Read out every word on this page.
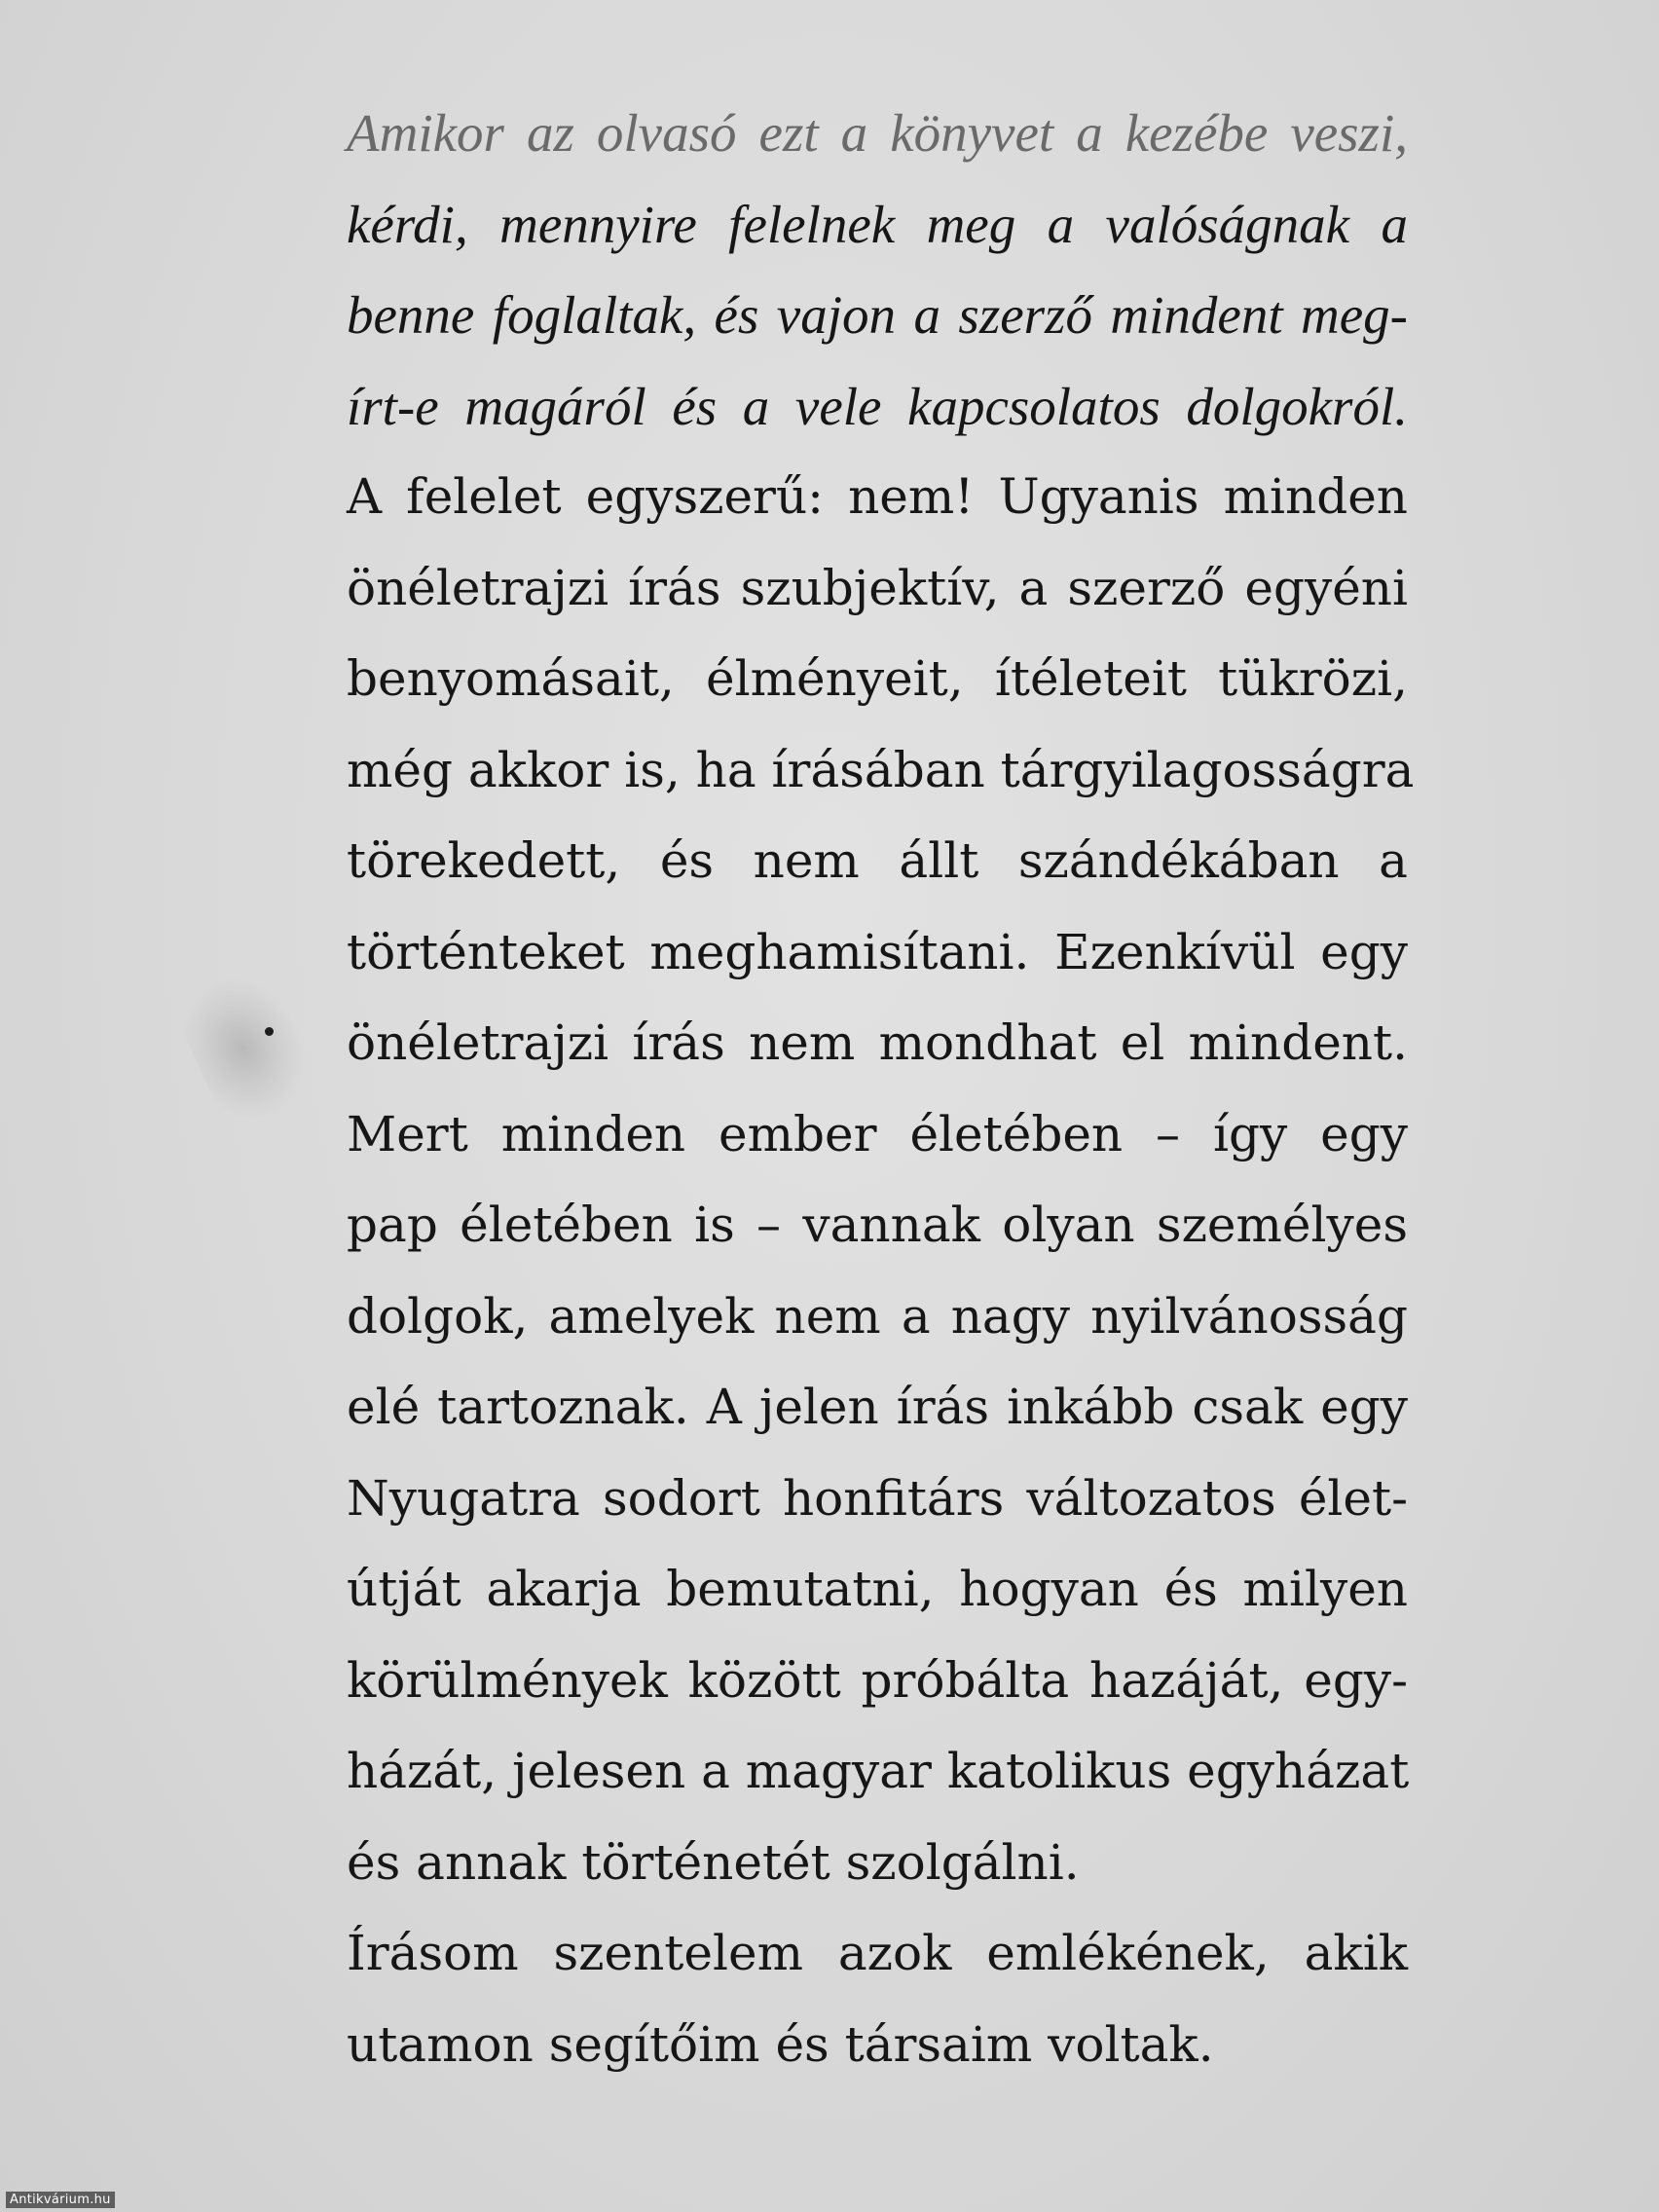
Amikor az olvasó ezt a könyvet a kezébe veszi,
kérdi, mennyire felelnek meg a valóságnak a
benne foglaltak, és vajon a szerző mindent meg-
írt-e magáról és a vele kapcsolatos dolgokról.
A felelet egyszerű: nem! Ugyanis minden
önéletrajzi írás szubjektív, a szerző egyéni
benyomásait, élményeit, ítéleteit tükrözi,
még akkor is, ha írásában tárgyilagosságra
törekedett, és nem állt szándékában a
történteket meghamisítani. Ezenkívül egy
önéletrajzi írás nem mondhat el mindent.
Mert minden ember életében – így egy
pap életében is – vannak olyan személyes
dolgok, amelyek nem a nagy nyilvánosság
elé tartoznak. A jelen írás inkább csak egy
Nyugatra sodort honfitárs változatos élet-
útját akarja bemutatni, hogyan és milyen
körülmények között próbálta hazáját, egy-
házát, jelesen a magyar katolikus egyházat
és annak történetét szolgálni.
Írásom szentelem azok emlékének, akik
utamon segítőim és társaim voltak.
Antikvárium.hu
